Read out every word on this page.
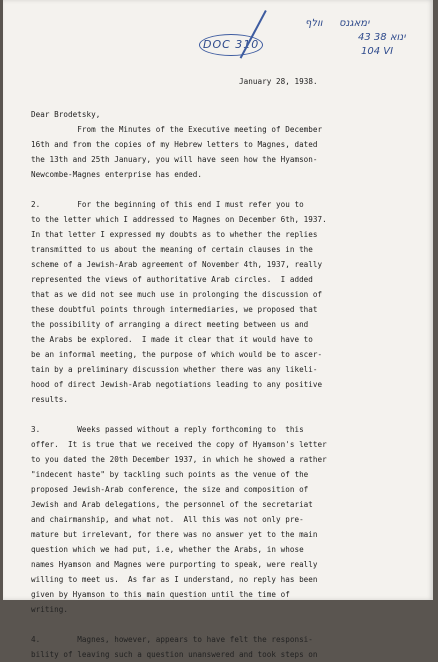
וולף ימאגנס
43 ינוא 38
104 VI
DOC 310
January 28, 1938.
Dear Brodetsky,
From the Minutes of the Executive meeting of December
16th and from the copies of my Hebrew letters to Magnes, dated
the 13th and 25th January, you will have seen how the Hyamson-
Newcombe-Magnes enterprise has ended.

2.        For the beginning of this end I must refer you to
to the letter which I addressed to Magnes on December 6th, 1937.
In that letter I expressed my doubts as to whether the replies
transmitted to us about the meaning of certain clauses in the
scheme of a Jewish-Arab agreement of November 4th, 1937, really
represented the views of authoritative Arab circles.  I added
that as we did not see much use in prolonging the discussion of
these doubtful points through intermediaries, we proposed that
the possibility of arranging a direct meeting between us and
the Arabs be explored.  I made it clear that it would have to
be an informal meeting, the purpose of which would be to ascer-
tain by a preliminary discussion whether there was any likeli-
hood of direct Jewish-Arab negotiations leading to any positive
results.

3.        Weeks passed without a reply forthcoming to  this
offer.  It is true that we received the copy of Hyamson's letter
to you dated the 20th December 1937, in which he showed a rather
"indecent haste" by tackling such points as the venue of the
proposed Jewish-Arab conference, the size and composition of
Jewish and Arab delegations, the personnel of the secretariat
and chairmanship, and what not.  All this was not only pre-
mature but irrelevant, for there was no answer yet to the main
question which we had put, i.e, whether the Arabs, in whose
names Hyamson and Magnes were purporting to speak, were really
willing to meet us.  As far as I understand, no reply has been
given by Hyamson to this main question until the time of
writing.

4.        Magnes, however, appears to have felt the responsi-
bility of leaving such a question unanswered and took steps on
